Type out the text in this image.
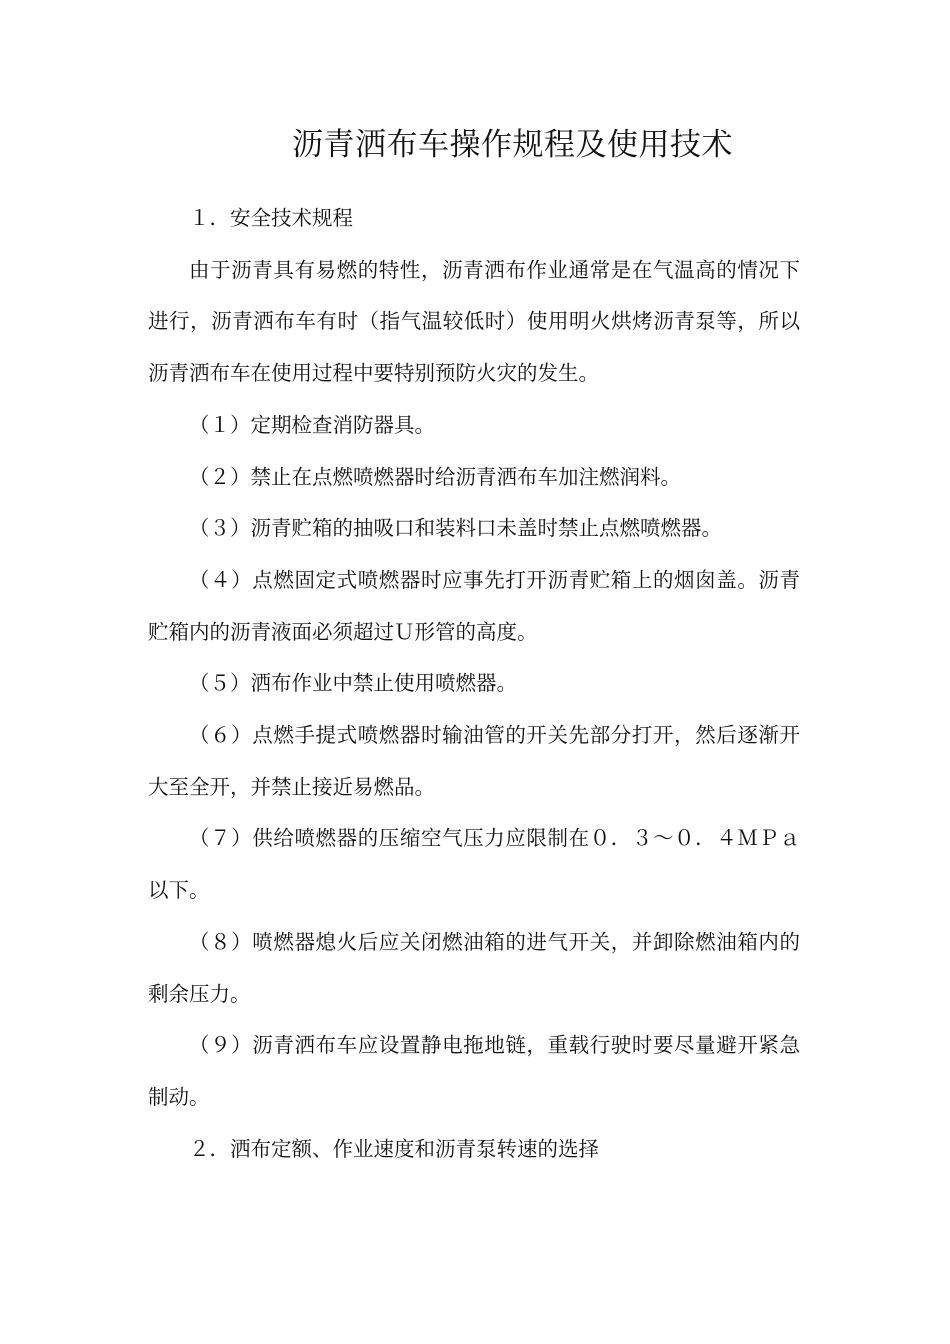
沥青洒布车操作规程及使用技术

１．安全技术规程

由于沥青具有易燃的特性，沥青洒布作业通常是在气温高的情况下进行，沥青洒布车有时（指气温较低时）使用明火烘烤沥青泵等，所以沥青洒布车在使用过程中要特别预防火灾的发生。

（１）定期检查消防器具。

（２）禁止在点燃喷燃器时给沥青洒布车加注燃润料。

（３）沥青贮箱的抽吸口和装料口未盖时禁止点燃喷燃器。

（４）点燃固定式喷燃器时应事先打开沥青贮箱上的烟囱盖。沥青贮箱内的沥青液面必须超过Ｕ形管的高度。

（５）洒布作业中禁止使用喷燃器。

（６）点燃手提式喷燃器时输油管的开关先部分打开，然后逐渐开大至全开，并禁止接近易燃品。

（７）供给喷燃器的压缩空气压力应限制在０．３～０．４ＭＰａ以下。

（８）喷燃器熄火后应关闭燃油箱的进气开关，并卸除燃油箱内的剩余压力。

（９）沥青洒布车应设置静电拖地链，重载行驶时要尽量避开紧急制动。

２．洒布定额、作业速度和沥青泵转速的选择
